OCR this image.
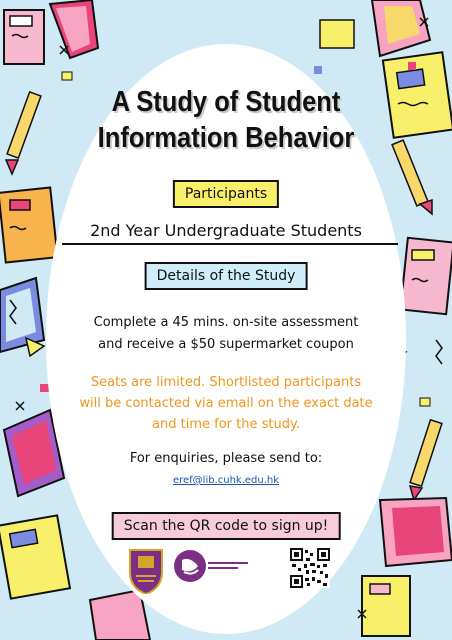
A Study of Student
Information Behavior
Participants
2nd Year Undergraduate Students
Details of the Study
Complete a 45 mins. on-site assessment
and receive a $50 supermarket coupon
Seats are limited. Shortlisted participants
will be contacted via email on the exact date
and time for the study.
For enquiries, please send to:
eref@lib.cuhk.edu.hk
Scan the QR code to sign up!
